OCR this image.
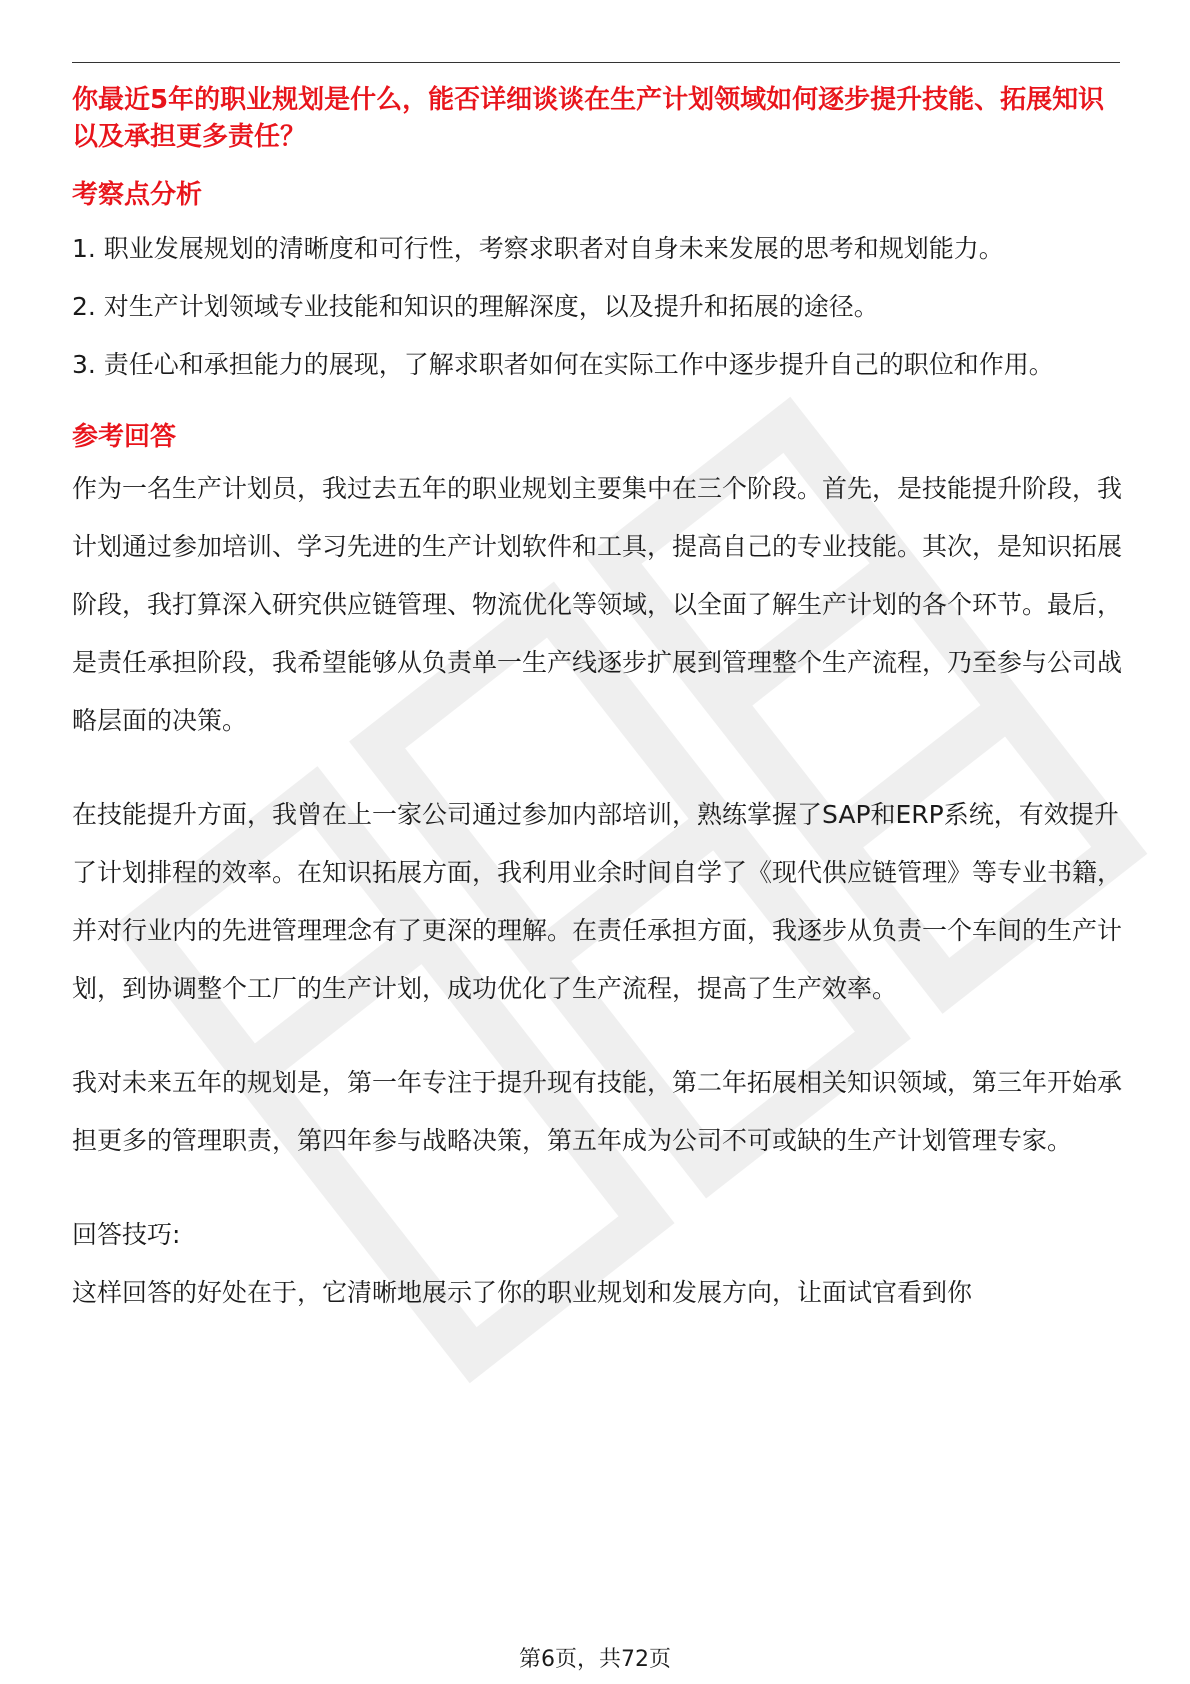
你最近5年的职业规划是什么，能否详细谈谈在生产计划领域如何逐步提升技能、拓展知识以及承担更多责任？

考察点分析

1. 职业发展规划的清晰度和可行性，考察求职者对自身未来发展的思考和规划能力。

2. 对生产计划领域专业技能和知识的理解深度，以及提升和拓展的途径。

3. 责任心和承担能力的展现，了解求职者如何在实际工作中逐步提升自己的职位和作用。

参考回答

作为一名生产计划员，我过去五年的职业规划主要集中在三个阶段。首先，是技能提升阶段，我计划通过参加培训、学习先进的生产计划软件和工具，提高自己的专业技能。其次，是知识拓展阶段，我打算深入研究供应链管理、物流优化等领域，以全面了解生产计划的各个环节。最后，是责任承担阶段，我希望能够从负责单一生产线逐步扩展到管理整个生产流程，乃至参与公司战略层面的决策。

在技能提升方面，我曾在上一家公司通过参加内部培训，熟练掌握了SAP和ERP系统，有效提升了计划排程的效率。在知识拓展方面，我利用业余时间自学了《现代供应链管理》等专业书籍，并对行业内的先进管理理念有了更深的理解。在责任承担方面，我逐步从负责一个车间的生产计划，到协调整个工厂的生产计划，成功优化了生产流程，提高了生产效率。

我对未来五年的规划是，第一年专注于提升现有技能，第二年拓展相关知识领域，第三年开始承担更多的管理职责，第四年参与战略决策，第五年成为公司不可或缺的生产计划管理专家。

回答技巧:

这样回答的好处在于，它清晰地展示了你的职业规划和发展方向，让面试官看到你

第6页，共72页
